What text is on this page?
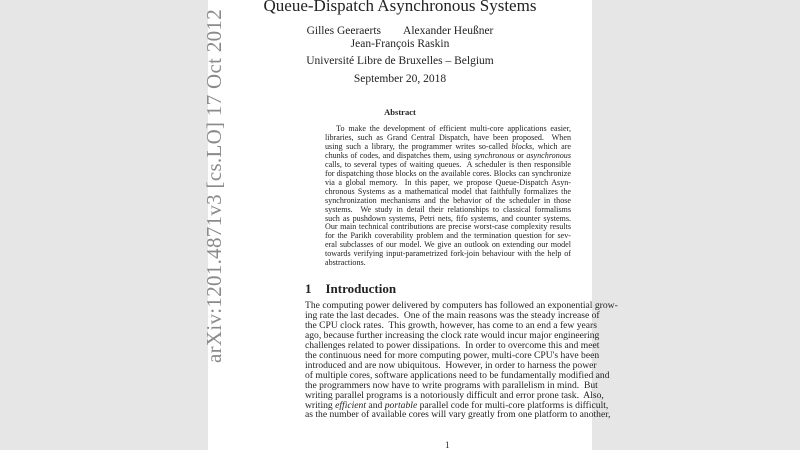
arXiv:1201.4871v3 [cs.LO] 17 Oct 2012
Queue-Dispatch Asynchronous Systems
Gilles Geeraerts Alexander Heußner
Jean-François Raskin
Université Libre de Bruxelles – Belgium
September 20, 2018
Abstract
To make the development of efficient multi-core applications easier,
libraries, such as Grand Central Dispatch, have been proposed.  When
using such a library, the programmer writes so-called blocks, which are
chunks of codes, and dispatches them, using synchronous or asynchronous
calls, to several types of waiting queues.  A scheduler is then responsible
for dispatching those blocks on the available cores. Blocks can synchronize
via a global memory.  In this paper, we propose Queue-Dispatch Asyn-
chronous Systems as a mathematical model that faithfully formalizes the
synchronization mechanisms and the behavior of the scheduler in those
systems.  We study in detail their relationships to classical formalisms
such as pushdown systems, Petri nets, fifo systems, and counter systems.
Our main technical contributions are precise worst-case complexity results
for the Parikh coverability problem and the termination question for sev-
eral subclasses of our model. We give an outlook on extending our model
towards verifying input-parametrized fork-join behaviour with the help of
abstractions.
1 Introduction
The computing power delivered by computers has followed an exponential grow-
ing rate the last decades.  One of the main reasons was the steady increase of
the CPU clock rates.  This growth, however, has come to an end a few years
ago, because further increasing the clock rate would incur major engineering
challenges related to power dissipations.  In order to overcome this and meet
the continuous need for more computing power, multi-core CPU's have been
introduced and are now ubiquitous.  However, in order to harness the power
of multiple cores, software applications need to be fundamentally modified and
the programmers now have to write programs with parallelism in mind.  But
writing parallel programs is a notoriously difficult and error prone task.  Also,
writing efficient and portable parallel code for multi-core platforms is difficult,
as the number of available cores will vary greatly from one platform to another,
1
